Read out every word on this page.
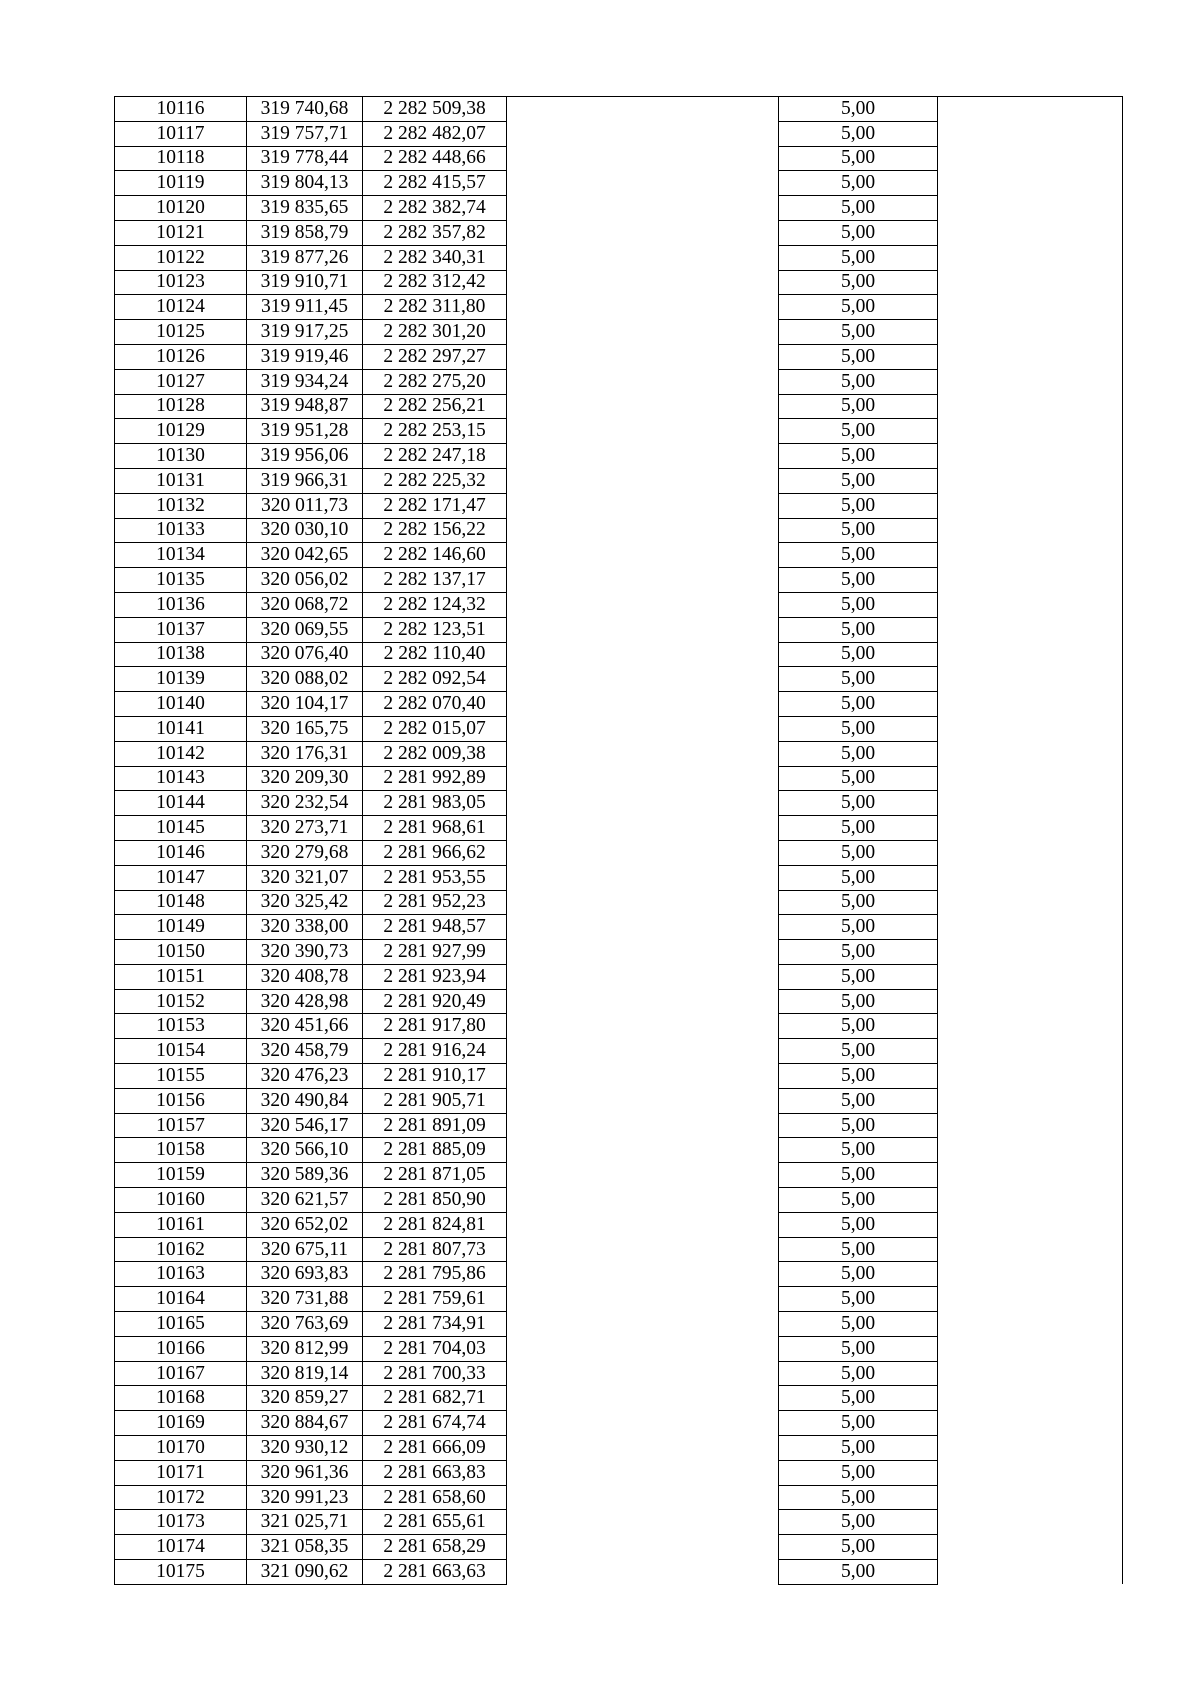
10116	319 740,68	2 282 509,38		5,00	
10117	319 757,71	2 282 482,07		5,00	
10118	319 778,44	2 282 448,66		5,00	
10119	319 804,13	2 282 415,57		5,00	
10120	319 835,65	2 282 382,74		5,00	
10121	319 858,79	2 282 357,82		5,00	
10122	319 877,26	2 282 340,31		5,00	
10123	319 910,71	2 282 312,42		5,00	
10124	319 911,45	2 282 311,80		5,00	
10125	319 917,25	2 282 301,20		5,00	
10126	319 919,46	2 282 297,27		5,00	
10127	319 934,24	2 282 275,20		5,00	
10128	319 948,87	2 282 256,21		5,00	
10129	319 951,28	2 282 253,15		5,00	
10130	319 956,06	2 282 247,18		5,00	
10131	319 966,31	2 282 225,32		5,00	
10132	320 011,73	2 282 171,47		5,00	
10133	320 030,10	2 282 156,22		5,00	
10134	320 042,65	2 282 146,60		5,00	
10135	320 056,02	2 282 137,17		5,00	
10136	320 068,72	2 282 124,32		5,00	
10137	320 069,55	2 282 123,51		5,00	
10138	320 076,40	2 282 110,40		5,00	
10139	320 088,02	2 282 092,54		5,00	
10140	320 104,17	2 282 070,40		5,00	
10141	320 165,75	2 282 015,07		5,00	
10142	320 176,31	2 282 009,38		5,00	
10143	320 209,30	2 281 992,89		5,00	
10144	320 232,54	2 281 983,05		5,00	
10145	320 273,71	2 281 968,61		5,00	
10146	320 279,68	2 281 966,62		5,00	
10147	320 321,07	2 281 953,55		5,00	
10148	320 325,42	2 281 952,23		5,00	
10149	320 338,00	2 281 948,57		5,00	
10150	320 390,73	2 281 927,99		5,00	
10151	320 408,78	2 281 923,94		5,00	
10152	320 428,98	2 281 920,49		5,00	
10153	320 451,66	2 281 917,80		5,00	
10154	320 458,79	2 281 916,24		5,00	
10155	320 476,23	2 281 910,17		5,00	
10156	320 490,84	2 281 905,71		5,00	
10157	320 546,17	2 281 891,09		5,00	
10158	320 566,10	2 281 885,09		5,00	
10159	320 589,36	2 281 871,05		5,00	
10160	320 621,57	2 281 850,90		5,00	
10161	320 652,02	2 281 824,81		5,00	
10162	320 675,11	2 281 807,73		5,00	
10163	320 693,83	2 281 795,86		5,00	
10164	320 731,88	2 281 759,61		5,00	
10165	320 763,69	2 281 734,91		5,00	
10166	320 812,99	2 281 704,03		5,00	
10167	320 819,14	2 281 700,33		5,00	
10168	320 859,27	2 281 682,71		5,00	
10169	320 884,67	2 281 674,74		5,00	
10170	320 930,12	2 281 666,09		5,00	
10171	320 961,36	2 281 663,83		5,00	
10172	320 991,23	2 281 658,60		5,00	
10173	321 025,71	2 281 655,61		5,00	
10174	321 058,35	2 281 658,29		5,00	
10175	321 090,62	2 281 663,63		5,00	
